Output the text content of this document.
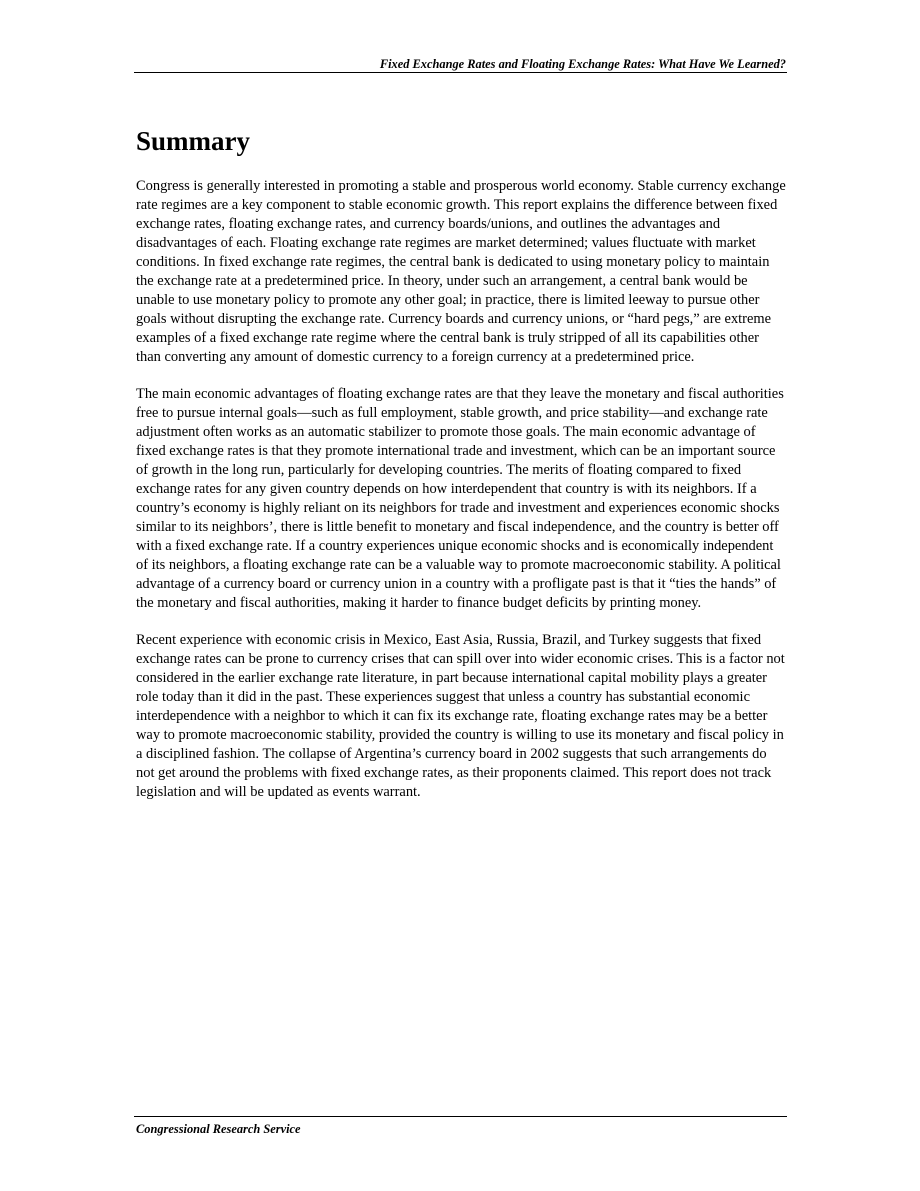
Fixed Exchange Rates and Floating Exchange Rates: What Have We Learned?
Summary

Congress is generally interested in promoting a stable and prosperous world economy. Stable currency exchange rate regimes are a key component to stable economic growth. This report explains the difference between fixed exchange rates, floating exchange rates, and currency boards/unions, and outlines the advantages and disadvantages of each. Floating exchange rate regimes are market determined; values fluctuate with market conditions. In fixed exchange rate regimes, the central bank is dedicated to using monetary policy to maintain the exchange rate at a predetermined price. In theory, under such an arrangement, a central bank would be unable to use monetary policy to promote any other goal; in practice, there is limited leeway to pursue other goals without disrupting the exchange rate. Currency boards and currency unions, or “hard pegs,” are extreme examples of a fixed exchange rate regime where the central bank is truly stripped of all its capabilities other than converting any amount of domestic currency to a foreign currency at a predetermined price.

The main economic advantages of floating exchange rates are that they leave the monetary and fiscal authorities free to pursue internal goals—such as full employment, stable growth, and price stability—and exchange rate adjustment often works as an automatic stabilizer to promote those goals. The main economic advantage of fixed exchange rates is that they promote international trade and investment, which can be an important source of growth in the long run, particularly for developing countries. The merits of floating compared to fixed exchange rates for any given country depends on how interdependent that country is with its neighbors. If a country’s economy is highly reliant on its neighbors for trade and investment and experiences economic shocks similar to its neighbors’, there is little benefit to monetary and fiscal independence, and the country is better off with a fixed exchange rate. If a country experiences unique economic shocks and is economically independent of its neighbors, a floating exchange rate can be a valuable way to promote macroeconomic stability. A political advantage of a currency board or currency union in a country with a profligate past is that it “ties the hands” of the monetary and fiscal authorities, making it harder to finance budget deficits by printing money.

Recent experience with economic crisis in Mexico, East Asia, Russia, Brazil, and Turkey suggests that fixed exchange rates can be prone to currency crises that can spill over into wider economic crises. This is a factor not considered in the earlier exchange rate literature, in part because international capital mobility plays a greater role today than it did in the past. These experiences suggest that unless a country has substantial economic interdependence with a neighbor to which it can fix its exchange rate, floating exchange rates may be a better way to promote macroeconomic stability, provided the country is willing to use its monetary and fiscal policy in a disciplined fashion. The collapse of Argentina’s currency board in 2002 suggests that such arrangements do not get around the problems with fixed exchange rates, as their proponents claimed. This report does not track legislation and will be updated as events warrant.

Congressional Research Service
